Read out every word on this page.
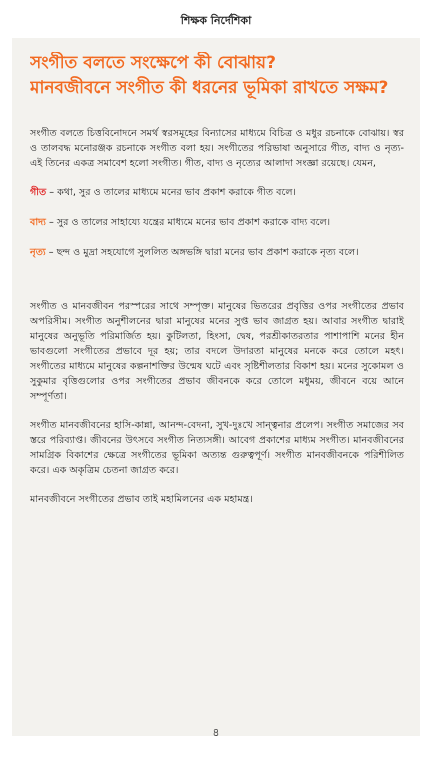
শিক্ষক নির্দেশিকা
সংগীত বলতে সংক্ষেপে কী বোঝায়?
মানবজীবনে সংগীত কী ধরনের ভূমিকা রাখতে সক্ষম?

সংগীত বলতে চিত্তবিনোদনে সমর্থ স্বরসমূহের বিন্যাসের মাধ্যমে বিচিত্র ও মধুর রচনাকে বোঝায়। স্বর ও তালবদ্ধ মনোরঞ্জক রচনাকে সংগীত বলা হয়। সংগীতের পরিভাষা অনুসারে গীত, বাদ্য ও নৃত্য-এই তিনের একত্র সমাবেশ হলো সংগীত। গীত, বাদ্য ও নৃত্যের আলাদা সংজ্ঞা রয়েছে। যেমন,

গীত – কথা, সুর ও তালের মাধ্যমে মনের ভাব প্রকাশ করাকে গীত বলে।

বাদ্য – সুর ও তালের সাহায্যে যন্ত্রের মাধ্যমে মনের ভাব প্রকাশ করাকে বাদ্য বলে।

নৃত্য – ছন্দ ও মুদ্রা সহযোগে সুললিত অঙ্গভঙ্গি দ্বারা মনের ভাব প্রকাশ করাকে নৃত্য বলে।

সংগীত ও মানবজীবন পরস্পরের সাথে সম্পৃক্ত। মানুষের ভিতরের প্রবৃত্তির ওপর সংগীতের প্রভাব অপরিসীম। সংগীত অনুশীলনের দ্বারা মানুষের মনের সুপ্ত ভাব জাগ্রত হয়। আবার সংগীত দ্বারাই মানুষের অনুভূতি পরিমার্জিত হয়। কুটিলতা, হিংসা, দ্বেষ, পরশ্রীকাতরতার পাশাপাশি মনের হীন ভাবগুলো সংগীতের প্রভাবে দূর হয়; তার বদলে উদারতা মানুষের মনকে করে তোলে মহৎ। সংগীতের মাধ্যমে মানুষের কল্পনাশক্তির উন্মেষ ঘটে এবং সৃষ্টিশীলতার বিকাশ হয়। মনের সুকোমল ও সুকুমার বৃত্তিগুলোর ওপর সংগীতের প্রভাব জীবনকে করে তোলে মধুময়, জীবনে বয়ে আনে সম্পূর্ণতা।

সংগীত মানবজীবনের হাসি-কান্না, আনন্দ-বেদনা, সুখ-দুঃখে সান্ত্বনার প্রলেপ। সংগীত সমাজের সব স্তরে পরিব্যাপ্ত। জীবনের উৎসবে সংগীত নিত্যসঙ্গী। আবেগ প্রকাশের মাধ্যম সংগীত। মানবজীবনের সামগ্রিক বিকাশের ক্ষেত্রে সংগীতের ভূমিকা অত্যন্ত গুরুত্বপূর্ণ। সংগীত মানবজীবনকে পরিশীলিত করে। এক অকৃত্রিম চেতনা জাগ্রত করে।

মানবজীবনে সংগীতের প্রভাব তাই মহামিলনের এক মহামন্ত্র।

৪
